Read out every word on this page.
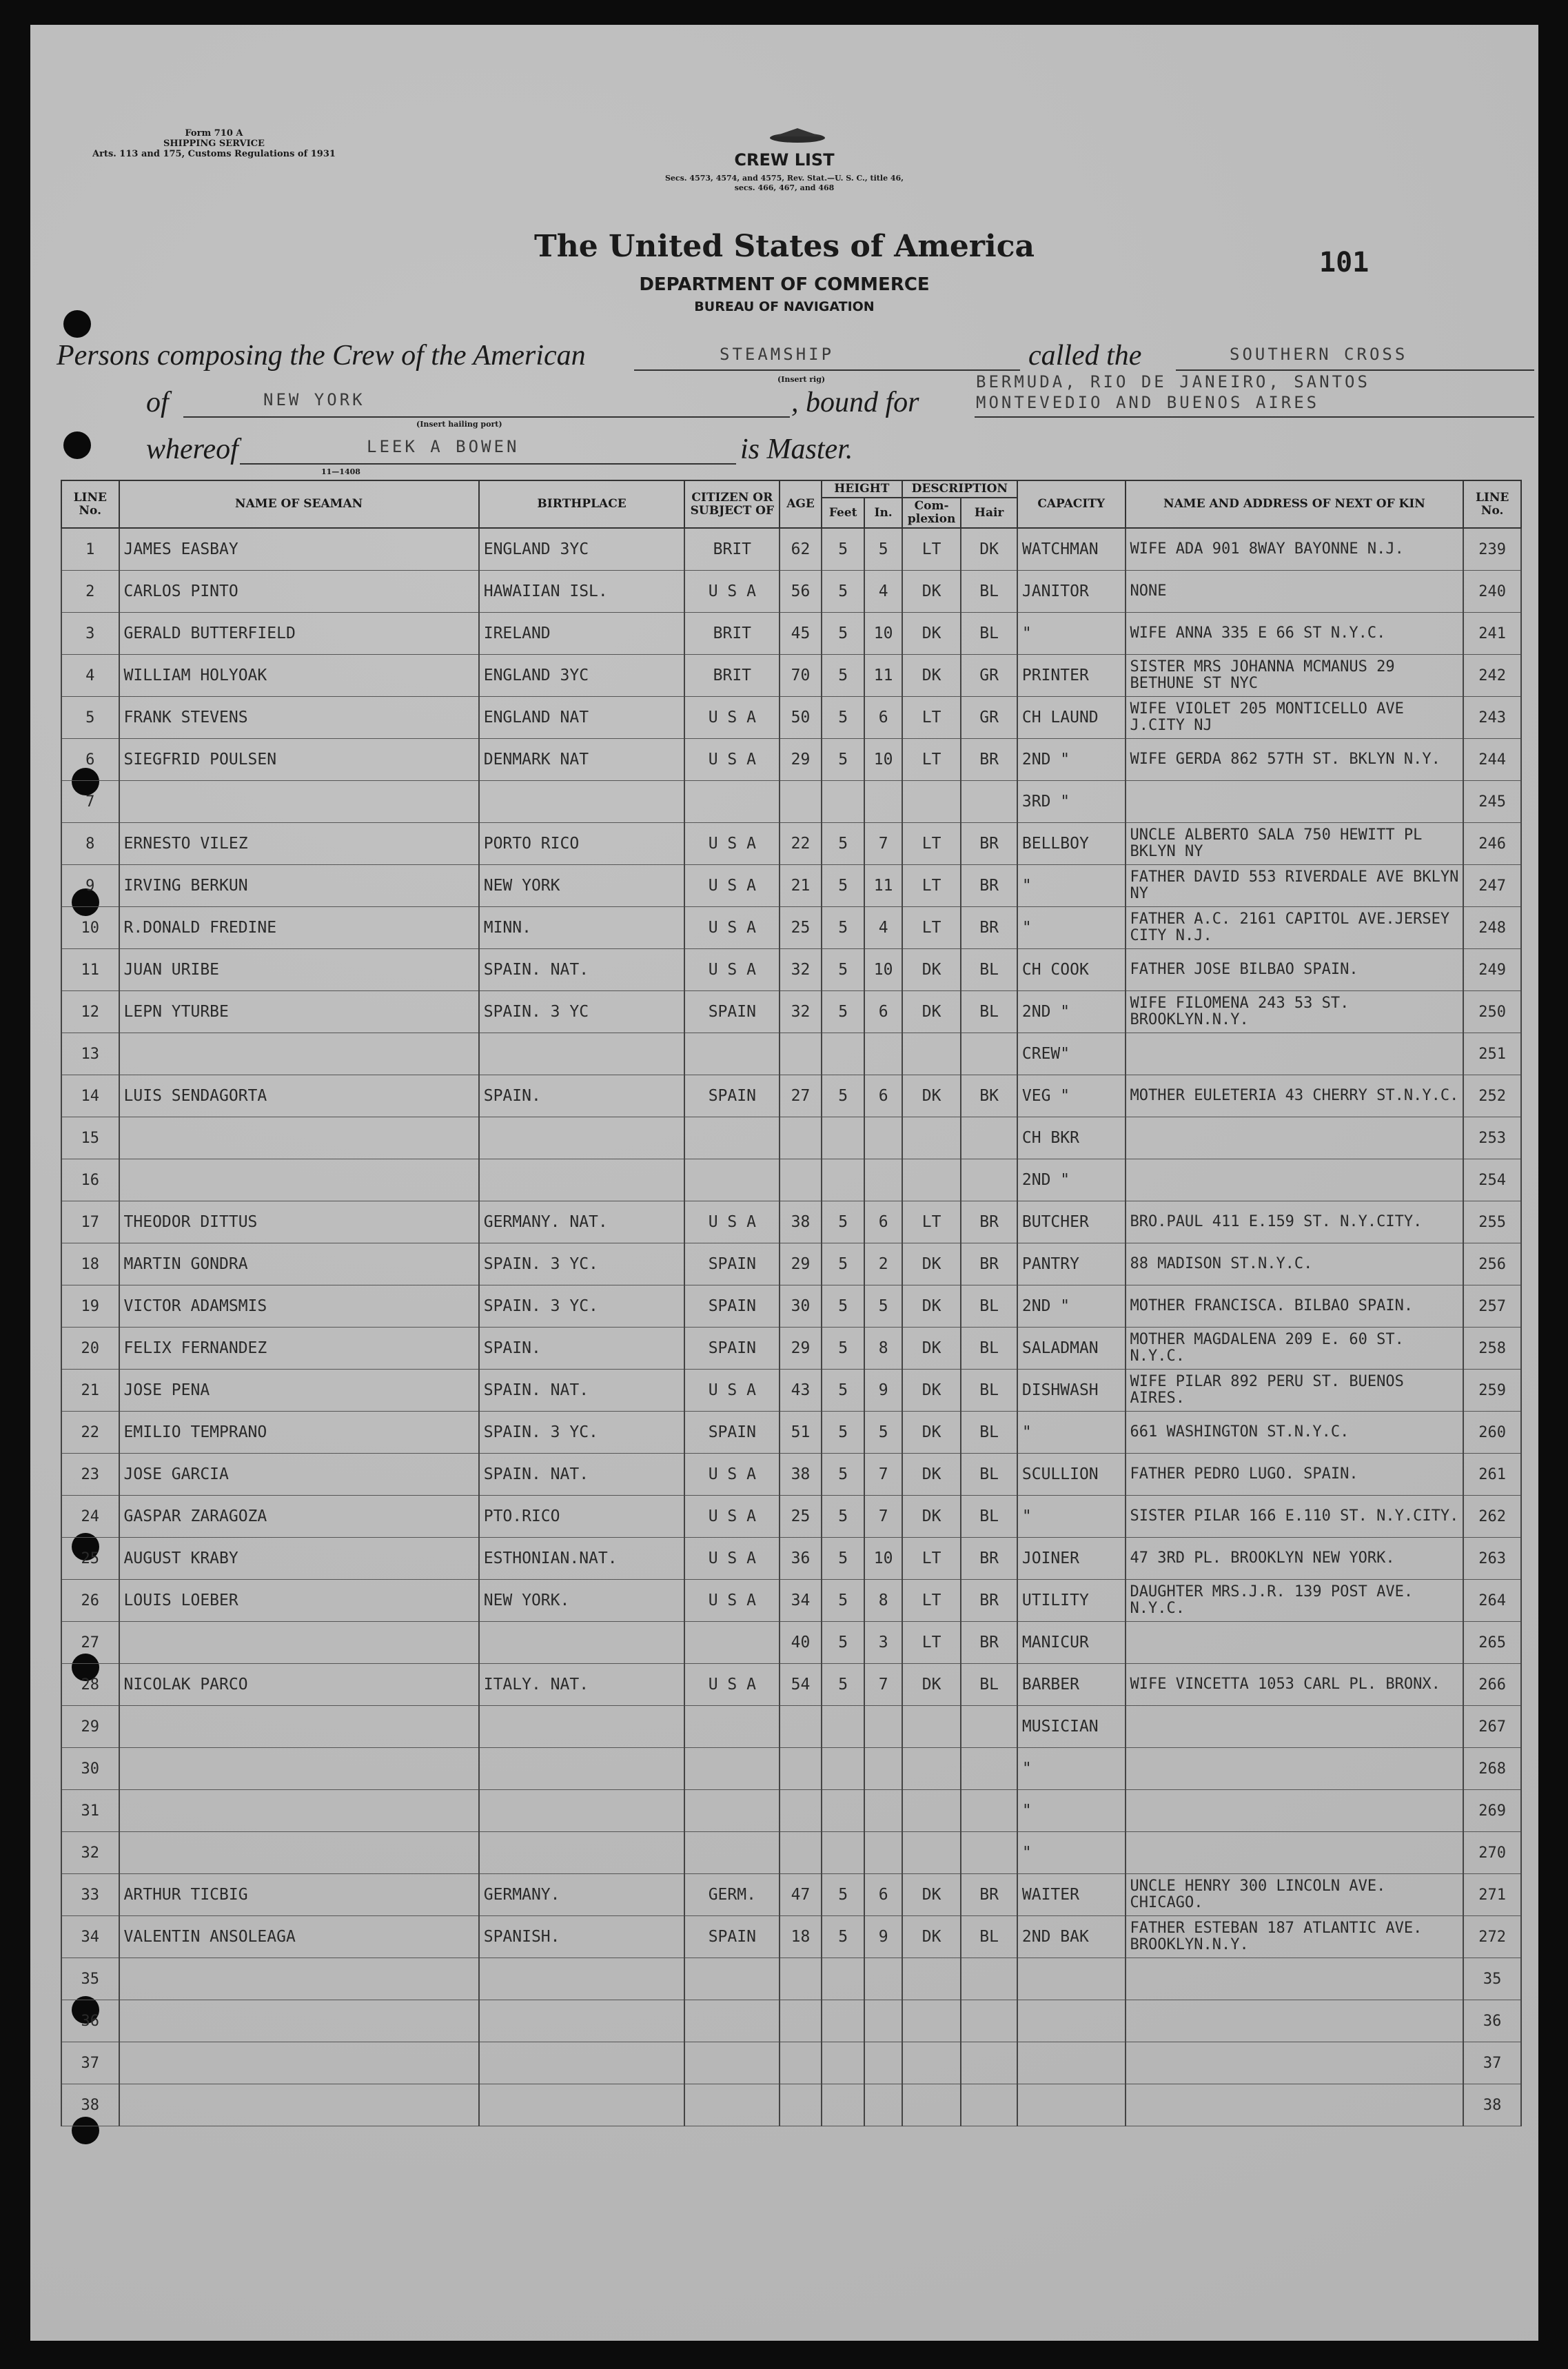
Form 710 A
SHIPPING SERVICE
Arts. 113 and 175, Customs Regulations of 1931	CREW LIST
Secs. 4573, 4574, and 4575, Rev. Stat.—U. S. C., title 46,
secs. 466, 467, and 468
The United States of America
DEPARTMENT OF COMMERCE
BUREAU OF NAVIGATION
101
Persons composing the Crew of the American	STEAMSHIP
(Insert rig)
called the	SOUTHERN CROSS
of	NEW YORK
(Insert hailing port)
, bound for
BERMUDA, RIO DE JANEIRO, SANTOS
MONTEVEDIO AND BUENOS AIRES
whereof	LEEK A BOWEN	is Master.
11—1408
LINE No.	NAME OF SEAMAN	BIRTHPLACE	CITIZEN OR SUBJECT OF	AGE	HEIGHT		DESCRIPTION		CAPACITY	NAME AND ADDRESS OF NEXT OF KIN	LINE No.
					Feet	In.	Com-plexion	Hair			
1	JAMES EASBAY	ENGLAND 3YC	BRIT	62	5	5	LT	DK	WATCHMAN	WIFE ADA 901 8WAY BAYONNE N.J.	239
2	CARLOS PINTO	HAWAIIAN ISL.	U S A	56	5	4	DK	BL	JANITOR	NONE	240
3	GERALD BUTTERFIELD	IRELAND	BRIT	45	5	10	DK	BL	"	WIFE ANNA 335 E 66 ST N.Y.C.	241
4	WILLIAM HOLYOAK	ENGLAND 3YC	BRIT	70	5	11	DK	GR	PRINTER	SISTER MRS JOHANNA MCMANUS 29 BETHUNE ST NYC	242
5	FRANK STEVENS	ENGLAND NAT	U S A	50	5	6	LT	GR	CH LAUND	WIFE VIOLET 205 MONTICELLO AVE J.CITY NJ	243
6	SIEGFRID POULSEN	DENMARK NAT	U S A	29	5	10	LT	BR	2ND "	WIFE GERDA 862 57TH ST. BKLYN N.Y.	244
7									3RD "		245
8	ERNESTO VILEZ	PORTO RICO	U S A	22	5	7	LT	BR	BELLBOY	UNCLE ALBERTO SALA 750 HEWITT PL BKLYN NY	246
9	IRVING BERKUN	NEW YORK	U S A	21	5	11	LT	BR	"	FATHER DAVID 553 RIVERDALE AVE BKLYN NY	247
10	R.DONALD FREDINE	MINN.	U S A	25	5	4	LT	BR	"	FATHER A.C. 2161 CAPITOL AVE.JERSEY CITY N.J.	248
11	JUAN URIBE	SPAIN. NAT.	U S A	32	5	10	DK	BL	CH COOK	FATHER JOSE BILBAO SPAIN.	249
12	LEPN YTURBE	SPAIN. 3 YC	SPAIN	32	5	6	DK	BL	2ND "	WIFE FILOMENA 243 53 ST. BROOKLYN.N.Y.	250
13									CREW"		251
14	LUIS SENDAGORTA	SPAIN.	SPAIN	27	5	6	DK	BK	VEG "	MOTHER EULETERIA 43 CHERRY ST.N.Y.C.	252
15									CH BKR		253
16									2ND "		254
17	THEODOR DITTUS	GERMANY. NAT.	U S A	38	5	6	LT	BR	BUTCHER	BRO.PAUL 411 E.159 ST. N.Y.CITY.	255
18	MARTIN GONDRA	SPAIN. 3 YC.	SPAIN	29	5	2	DK	BR	PANTRY	88 MADISON ST.N.Y.C.	256
19	VICTOR ADAMSMIS	SPAIN. 3 YC.	SPAIN	30	5	5	DK	BL	2ND "	MOTHER FRANCISCA. BILBAO SPAIN.	257
20	FELIX FERNANDEZ	SPAIN.	SPAIN	29	5	8	DK	BL	SALADMAN	MOTHER MAGDALENA 209 E. 60 ST. N.Y.C.	258
21	JOSE PENA	SPAIN. NAT.	U S A	43	5	9	DK	BL	DISHWASH	WIFE PILAR 892 PERU ST. BUENOS AIRES.	259
22	EMILIO TEMPRANO	SPAIN. 3 YC.	SPAIN	51	5	5	DK	BL	"	661 WASHINGTON ST.N.Y.C.	260
23	JOSE GARCIA	SPAIN. NAT.	U S A	38	5	7	DK	BL	SCULLION	FATHER PEDRO LUGO. SPAIN.	261
24	GASPAR ZARAGOZA	PTO.RICO	U S A	25	5	7	DK	BL	"	SISTER PILAR 166 E.110 ST. N.Y.CITY.	262
25	AUGUST KRABY	ESTHONIAN.NAT.	U S A	36	5	10	LT	BR	JOINER	47 3RD PL. BROOKLYN NEW YORK.	263
26	LOUIS LOEBER	NEW YORK.	U S A	34	5	8	LT	BR	UTILITY	DAUGHTER MRS.J.R. 139 POST AVE. N.Y.C.	264
27				40	5	3	LT	BR	MANICUR		265
28	NICOLAK PARCO	ITALY. NAT.	U S A	54	5	7	DK	BL	BARBER	WIFE VINCETTA 1053 CARL PL. BRONX.	266
29									MUSICIAN		267
30									"		268
31									"		269
32									"		270
33	ARTHUR TICBIG	GERMANY.	GERM.	47	5	6	DK	BR	WAITER	UNCLE HENRY 300 LINCOLN AVE. CHICAGO.	271
34	VALENTIN ANSOLEAGA	SPANISH.	SPAIN	18	5	9	DK	BL	2ND BAK	FATHER ESTEBAN 187 ATLANTIC AVE. BROOKLYN.N.Y.	272
35											35
36											36
37											37
38											38
